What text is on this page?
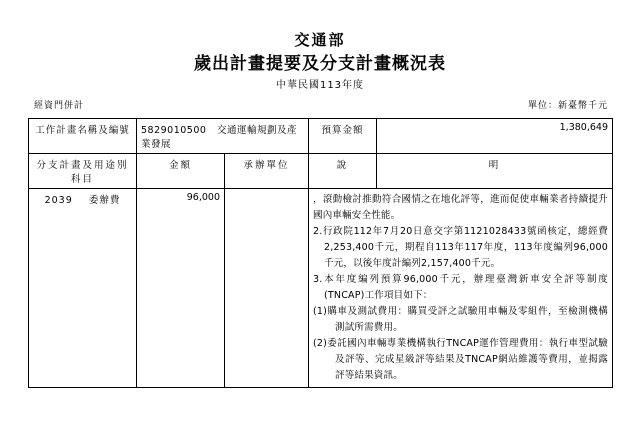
交通部
歲出計畫提要及分支計畫概況表
中華民國113年度
經資門併計	單位：新臺幣千元
工作計畫名稱及編號	5829010500 交通運輸規劃及產業發展		預算金額	1,380,649
分支計畫及用途別科目	金額	承辦單位	說	明
2039 委辦費	96,000		，滾動檢討推動符合國情之在地化評等，進而促使車輛業者持續提升國內車輛安全性能。

2.行政院112年7月20日意交字第1121028433號函核定，總經費2,253,400千元，期程自113年117年度，113年度編列96,000千元，以後年度計編列2,157,400千元。

3.本年度編列預算96,000千元，辦理臺灣新車安全評等制度(TNCAP)工作項目如下：

(1)購車及測試費用：購買受評之試驗用車輛及零組件，至檢測機構測試所需費用。

(2)委託國內車輛專業機構執行TNCAP運作管理費用：執行車型試驗及評等、完成星級評等結果及TNCAP網站維護等費用，並揭露評等結果資訊。	
